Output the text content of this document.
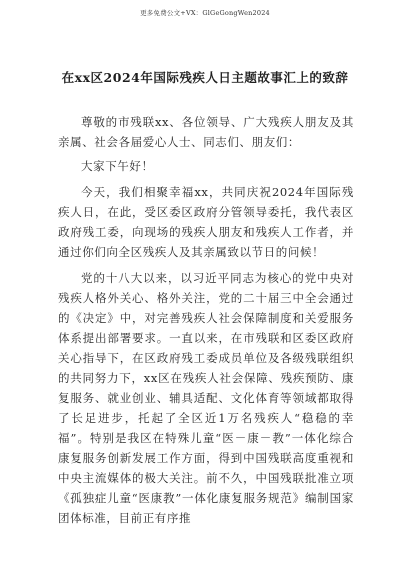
更多免费公文+VX：GlGeGongWen2024
在xx区2024年国际残疾人日主题故事汇上的致辞

尊敬的市残联xx、各位领导、广大残疾人朋友及其亲属、社会各届爱心人士、同志们、朋友们：

大家下午好！

今天，我们相聚幸福xx，共同庆祝2024年国际残疾人日，在此，受区委区政府分管领导委托，我代表区政府残工委，向现场的残疾人朋友和残疾人工作者，并通过你们向全区残疾人及其亲属致以节日的问候！

党的十八大以来，以习近平同志为核心的党中央对残疾人格外关心、格外关注，党的二十届三中全会通过的《决定》中，对完善残疾人社会保障制度和关爱服务体系提出部署要求。一直以来，在市残联和区委区政府关心指导下，在区政府残工委成员单位及各级残联组织的共同努力下，xx区在残疾人社会保障、残疾预防、康复服务、就业创业、辅具适配、文化体育等领域都取得了长足进步，托起了全区近1万名残疾人“稳稳的幸福”。特别是我区在特殊儿童“医－康－教”一体化综合康复服务创新发展工作方面，得到中国残联高度重视和中央主流媒体的极大关注。前不久，中国残联批准立项《孤独症儿童“医康教”一体化康复服务规范》编制国家团体标准，目前正有序推
